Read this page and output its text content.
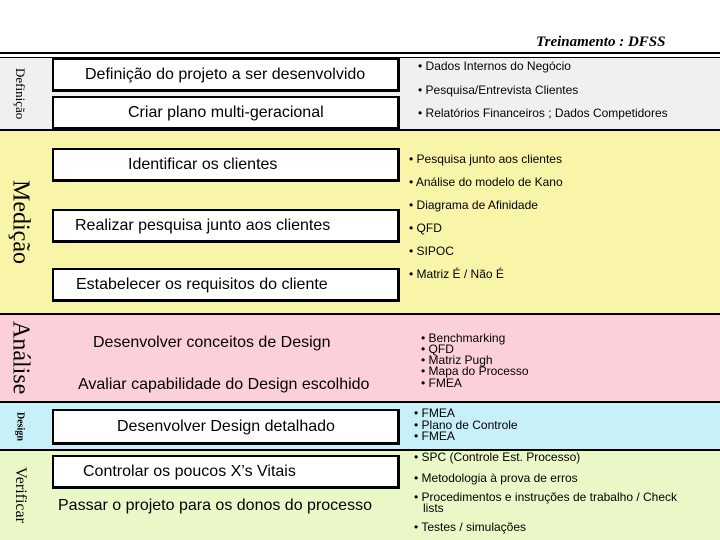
Treinamento : DFSS
Definição
Medição
Análise
Design
Verificar
Definição do projeto a ser desenvolvido
Criar plano multi-geracional
Identificar os clientes
Realizar pesquisa junto aos clientes
Estabelecer os requisitos do cliente
Desenvolver conceitos de Design
Avaliar capabilidade do Design escolhido
Desenvolver Design detalhado
Controlar os poucos X’s Vitais
Passar o projeto para os donos do processo
• Dados Internos do Negócio
• Pesquisa/Entrevista Clientes
• Relatórios Financeiros ; Dados Competidores
• Pesquisa junto aos clientes
• Análise do modelo de Kano
• Diagrama de Afinidade
• QFD
• SIPOC
• Matriz É / Não É
• Benchmarking
• QFD
• Matriz Pugh
• Mapa do Processo
• FMEA
• FMEA
• Plano de Controle
• FMEA
• SPC (Controle Est. Processo)
• Metodologia à prova de erros
• Procedimentos e instruções de trabalho / Check
lists
• Testes / simulações
